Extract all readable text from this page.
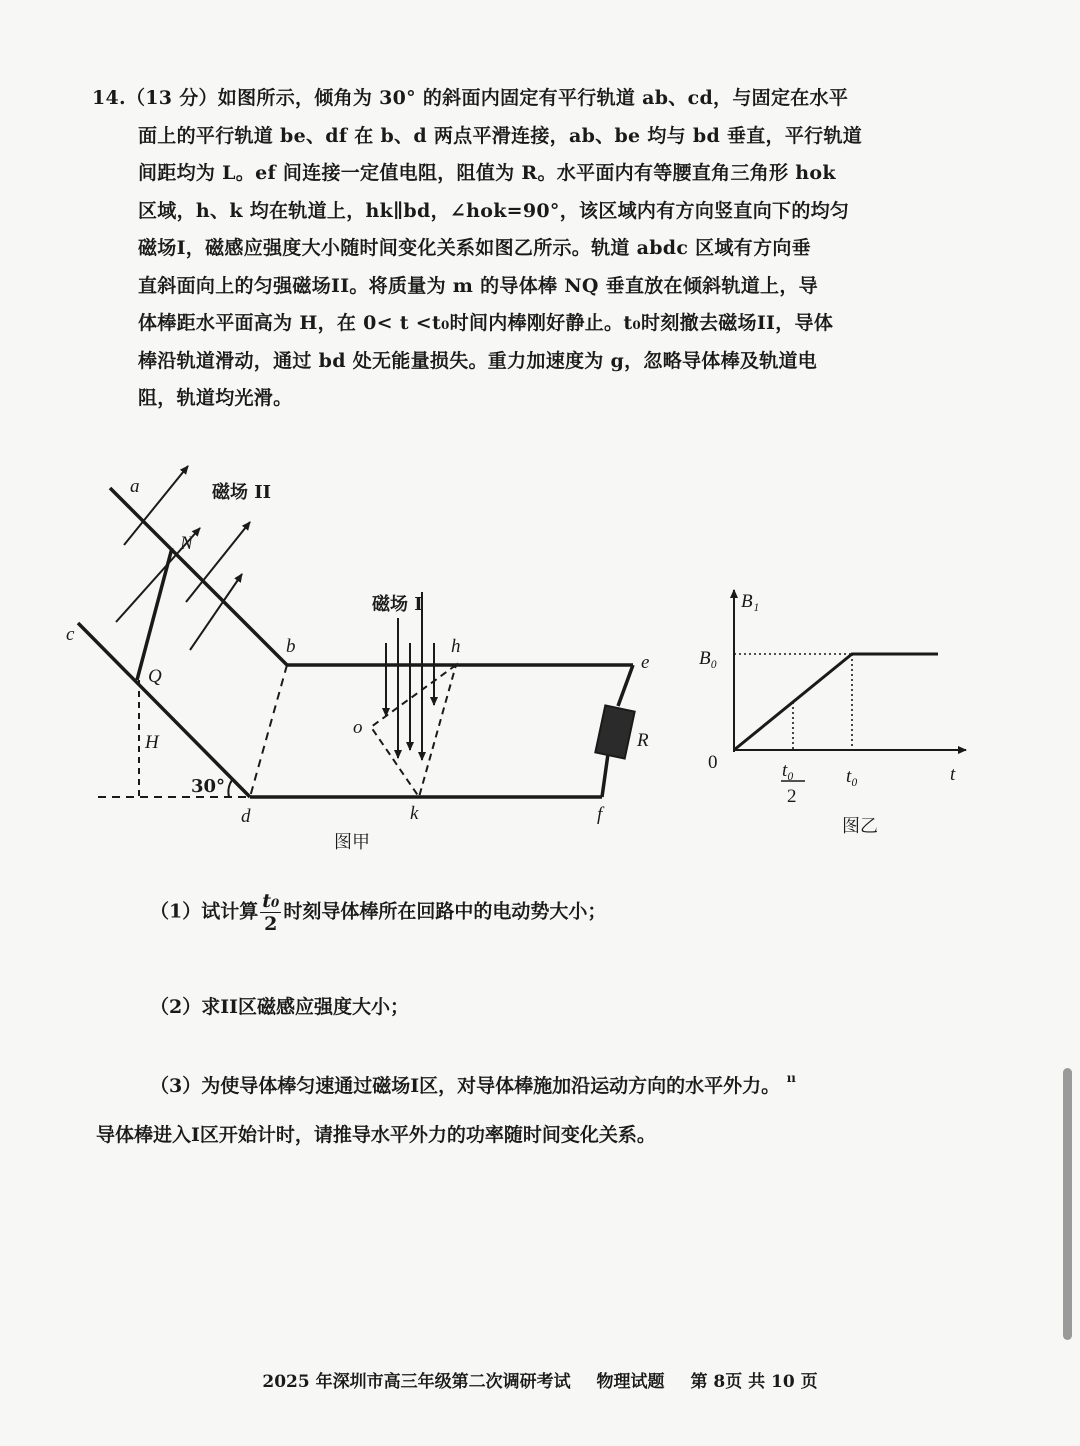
14.（13 分）如图所示，倾角为 30° 的斜面内固定有平行轨道 ab、cd，与固定在水平
面上的平行轨道 be、df 在 b、d 两点平滑连接，ab、be 均与 bd 垂直，平行轨道
间距均为 L。ef 间连接一定值电阻，阻值为 R。水平面内有等腰直角三角形 hok
区域，h、k 均在轨道上，hk∥bd，∠hok=90°，该区域内有方向竖直向下的均匀
磁场I，磁感应强度大小随时间变化关系如图乙所示。轨道 abdc 区域有方向垂
直斜面向上的匀强磁场II。将质量为 m 的导体棒 NQ 垂直放在倾斜轨道上，导
体棒距水平面高为 H，在 0< t <t₀时间内棒刚好静止。t₀时刻撤去磁场II，导体
棒沿轨道滑动，通过 bd 处无能量损失。重力加速度为 g，忽略导体棒及轨道电
阻，轨道均光滑。
a	磁场 II
N
c
Q
H
30°
d
b
磁场 I
h
o
k
e
R
f
图甲
B₁
B₀
0	t₀
2
t₀	t
图乙
（1）试计算 $\frac{\text{t₀}}{2}$ 时刻导体棒所在回路中的电动势大小；
（2）求II区磁感应强度大小；
（3）为使导体棒匀速通过磁场I区，对导体棒施加沿运动方向的水平外力。 $^{ıı}$
导体棒进入I区开始计时，请推导水平外力的功率随时间变化关系。
2025 年深圳市高三年级第二次调研考试 物理试题 第 8页 共 10 页
